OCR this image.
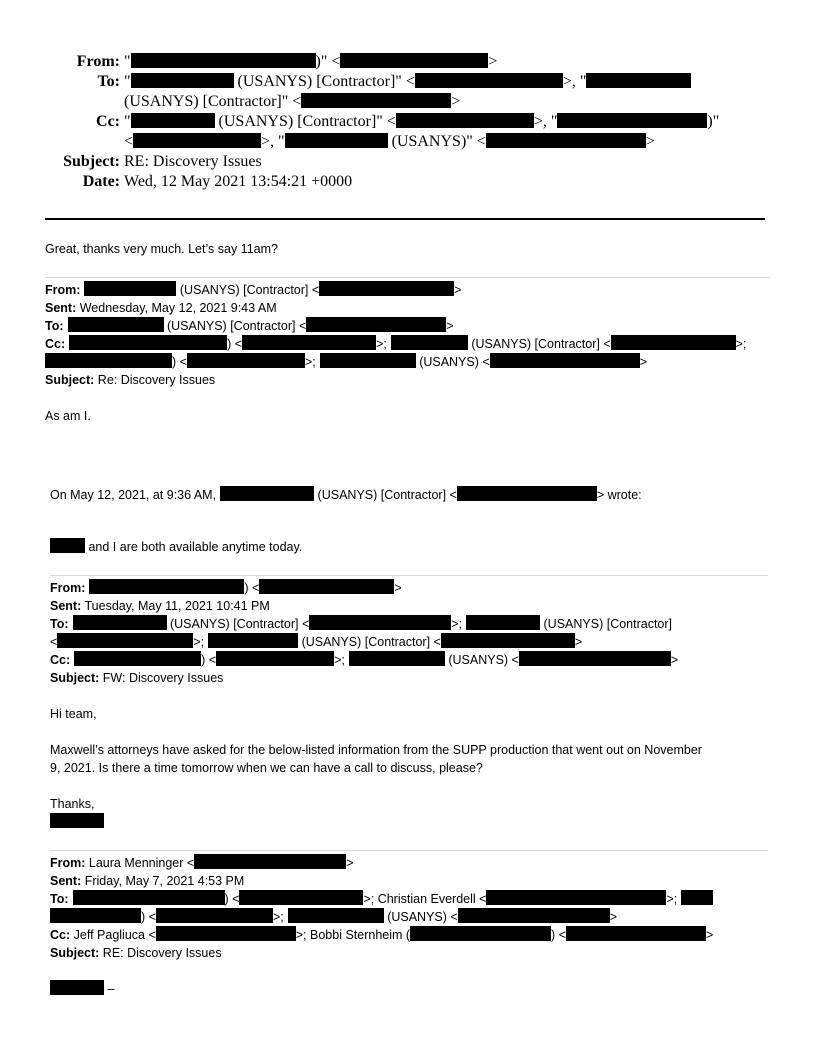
From: "	)" <	>
To: "	(USANYS) [Contractor]" <	>, "
(USANYS) [Contractor]" <	>
Cc: "	(USANYS) [Contractor]" <	>, "	)"
<	>, "	(USANYS)" <	>
Subject: RE: Discovery Issues
Date: Wed, 12 May 2021 13:54:21 +0000
Great, thanks very much. Let’s say 11am?
From:	(USANYS) [Contractor] <	>
Sent: Wednesday, May 12, 2021 9:43 AM
To:	(USANYS) [Contractor] <	>
Cc:	) <	>;	(USANYS) [Contractor] <	>;
) <	>;	(USANYS) <	>
Subject: Re: Discovery Issues
As am I.
On May 12, 2021, at 9:36 AM,	(USANYS) [Contractor] <	> wrote:
and I are both available anytime today.
From:	) <	>
Sent: Tuesday, May 11, 2021 10:41 PM
To:	(USANYS) [Contractor] <	>;	(USANYS) [Contractor]
<	>;	(USANYS) [Contractor] <	>
Cc:	) <	>;	(USANYS) <	>
Subject: FW: Discovery Issues
Hi team,
Maxwell’s attorneys have asked for the below-listed information from the SUPP production that went out on November
9, 2021. Is there a time tomorrow when we can have a call to discuss, please?
Thanks,
From: Laura Menninger <	>
Sent: Friday, May 7, 2021 4:53 PM
To:	) <	>; Christian Everdell <	>;
) <	>;	(USANYS) <	>
Cc: Jeff Pagliuca <	>; Bobbi Sternheim (	) <	>
Subject: RE: Discovery Issues
–
